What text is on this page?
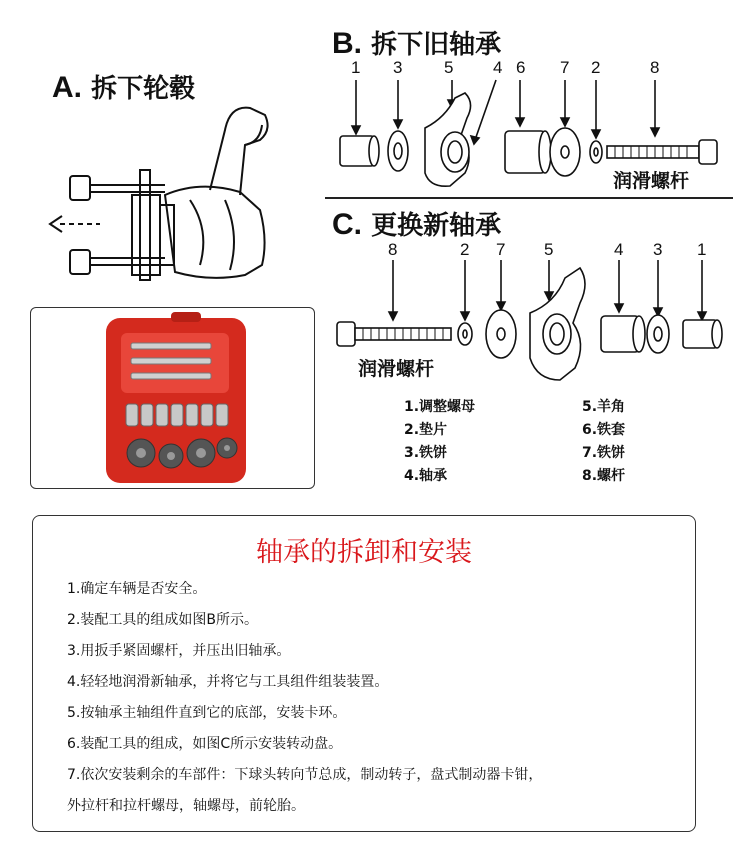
A. 拆下轮毂
B. 拆下旧轴承
1 3 5 4 6 7 2	8
润滑螺杆
C. 更换新轴承
8	2 7 5	4 3 1
润滑螺杆
1.调整螺母
2.垫片
3.铁饼
4.轴承
5.羊角
6.铁套
7.铁饼
8.螺杆
轴承的拆卸和安装
1.确定车辆是否安全。
2.装配工具的组成如图B所示。
3.用扳手紧固螺杆，并压出旧轴承。
4.轻轻地润滑新轴承，并将它与工具组件组装装置。
5.按轴承主轴组件直到它的底部，安装卡环。
6.装配工具的组成，如图C所示安装转动盘。
7.依次安装剩余的车部件：下球头转向节总成，制动转子，盘式制动器卡钳，
外拉杆和拉杆螺母，轴螺母，前轮胎。
